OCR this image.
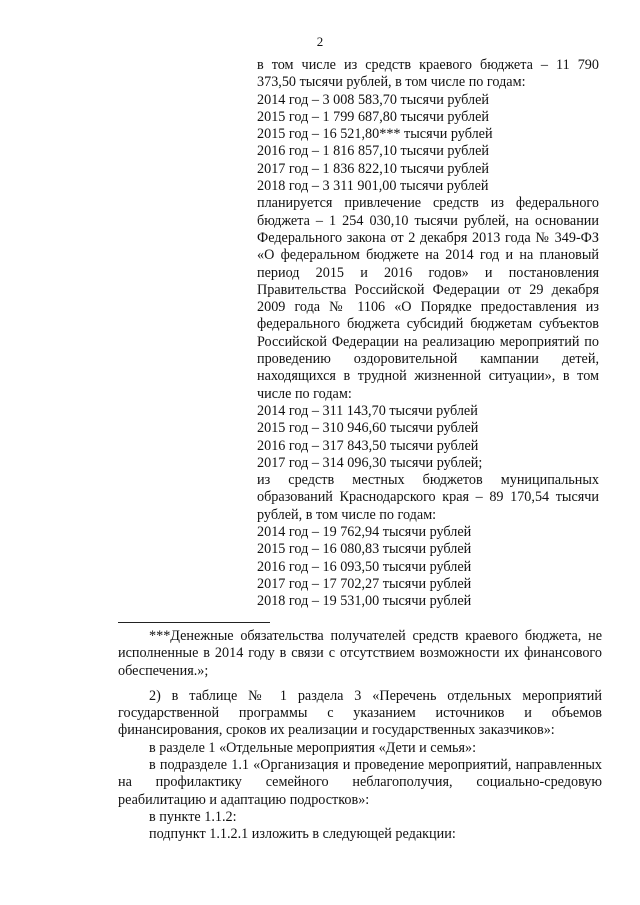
2

в том числе из средств краевого бюджета – 11 790 373,50 тысячи рублей, в том числе по годам:

2014 год – 3 008 583,70 тысячи рублей
2015 год – 1 799 687,80 тысячи рублей
2015 год – 16 521,80*** тысячи рублей
2016 год – 1 816 857,10 тысячи рублей
2017 год – 1 836 822,10 тысячи рублей
2018 год – 3 311 901,00 тысячи рублей

планируется привлечение средств из федерального бюджета – 1 254 030,10 тысячи рублей, на основании Федерального закона от 2 декабря 2013 года № 349-ФЗ «О федеральном бюджете на 2014 год и на плановый период 2015 и 2016 годов» и постановления Правительства Российской Федерации от 29 декабря 2009 года № 1106 «О Порядке предоставления из федерального бюджета субсидий бюджетам субъектов Российской Федерации на реализацию мероприятий по проведению оздоровительной кампании детей, находящихся в трудной жизненной ситуации», в том числе по годам:

2014 год – 311 143,70 тысячи рублей
2015 год – 310 946,60 тысячи рублей
2016 год – 317 843,50 тысячи рублей
2017 год – 314 096,30 тысячи рублей;

из средств местных бюджетов муниципальных образований Краснодарского края – 89 170,54 тысячи рублей, в том числе по годам:

2014 год – 19 762,94 тысячи рублей
2015 год – 16 080,83 тысячи рублей
2016 год – 16 093,50 тысячи рублей
2017 год – 17 702,27 тысячи рублей
2018 год – 19 531,00 тысячи рублей

***Денежные обязательства получателей средств краевого бюджета, не исполненные в 2014 году в связи с отсутствием возможности их финансового обеспечения.»;

2) в таблице № 1 раздела 3 «Перечень отдельных мероприятий государственной программы с указанием источников и объемов финансирования, сроков их реализации и государственных заказчиков»:

в разделе 1 «Отдельные мероприятия «Дети и семья»:

в подразделе 1.1 «Организация и проведение мероприятий, направленных на профилактику семейного неблагополучия, социально-средовую реабилитацию и адаптацию подростков»:

в пункте 1.1.2:

подпункт 1.1.2.1 изложить в следующей редакции:
